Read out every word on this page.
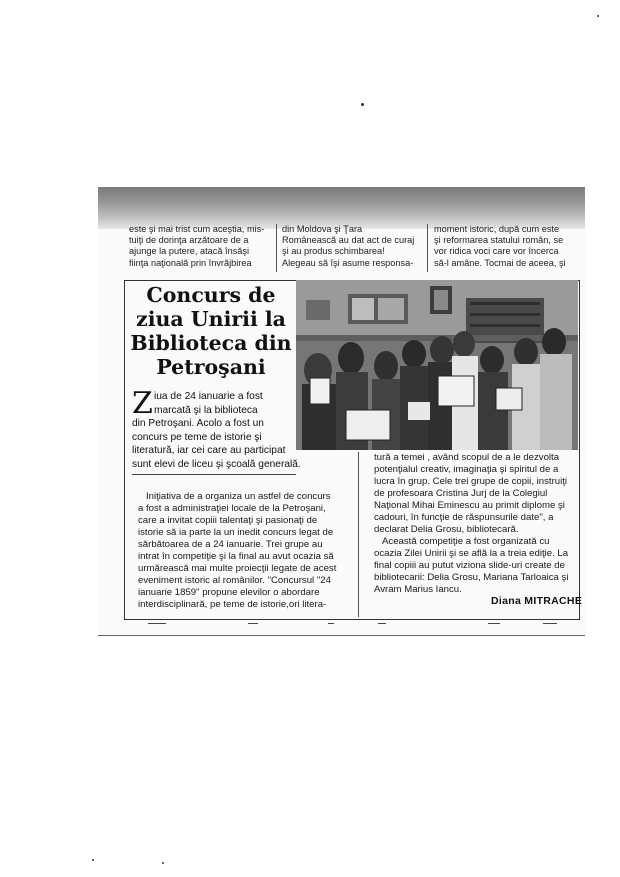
este şi mai trist cum aceştia, mis-
tuiţi de dorinţa arzătoare de a
ajunge la putere, atacă însăşi
fiinţa naţională prin învrăjbirea
din Moldova şi Ţara
Românească au dat act de curaj
şi au produs schimbarea!
Alegeau să îşi asume responsa-
moment istoric, după cum este
şi reformarea statului român, se
vor ridica voci care vor încerca
să-l amâne. Tocmai de aceea, şi
Concurs de
ziua Unirii la
Biblioteca din
Petroşani
Z iua de 24 ianuarie a fost
marcată şi la biblioteca
din Petroşani. Acolo a fost un
concurs pe teme de istorie şi
literatură, iar cei care au participat
sunt elevi de liceu şi şcoală generală.
Iniţiativa de a organiza un astfel de concurs
a fost a administraţiei locale de la Petroşani,
care a invitat copiii talentaţi şi pasionaţi de
istorie să ia parte la un inedit concurs legat de
sărbătoarea de a 24 ianuarie. Trei grupe au
intrat în competiţie şi la final au avut ocazia să
urmărească mai multe proiecţii legate de acest
eveniment istoric al românilor. "Concursul "24
ianuarie 1859" propune elevilor o abordare
interdisciplinară, pe teme de istorie,ori litera-
tură a temei , având scopul de a le dezvolta
potenţialul creativ, imaginaţia şi spiritul de a
lucra în grup. Cele trei grupe de copii, instruiţi
de profesoara Cristina Jurj de la Colegiul
Naţional Mihai Eminescu au primit diplome şi
cadouri, în funcţie de răspunsurile date", a
declarat Delia Grosu, bibliotecară.
Această competiţie a fost organizată cu
ocazia Zilei Unirii şi se află la a treia ediţie. La
final copiii au putut viziona slide-uri create de
bibliotecarii: Delia Grosu, Mariana Tarloaica şi
Avram Marius Iancu.
Diana MITRACHE
